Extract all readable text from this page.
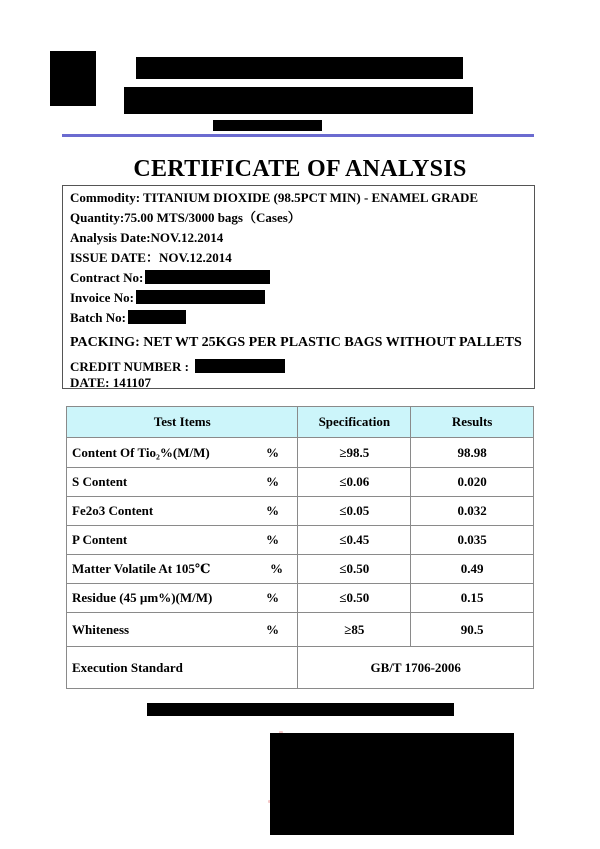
CERTIFICATE OF ANALYSIS
Commodity: TITANIUM DIOXIDE (98.5PCT MIN) - ENAMEL GRADE
Quantity:75.00 MTS/3000 bags（Cases）
Analysis Date:NOV.12.2014
ISSUE DATE：NOV.12.2014
Contract No:
Invoice No:
Batch No:
PACKING: NET WT 25KGS PER PLASTIC BAGS WITHOUT PALLETS
CREDIT NUMBER :
DATE: 141107
Test Items	Specification	Results
Content Of Tio₂%(M/M) %	≥98.5	98.98
S Content %	≤0.06	0.020
Fe2o3 Content %	≤0.05	0.032
P Content %	≤0.45	0.035
Matter Volatile At 105℃ %	≤0.50	0.49
Residue (45 µm%)(M/M) %	≤0.50	0.15
Whiteness %	≥85	90.5
Execution Standard	GB/T 1706-2006	
